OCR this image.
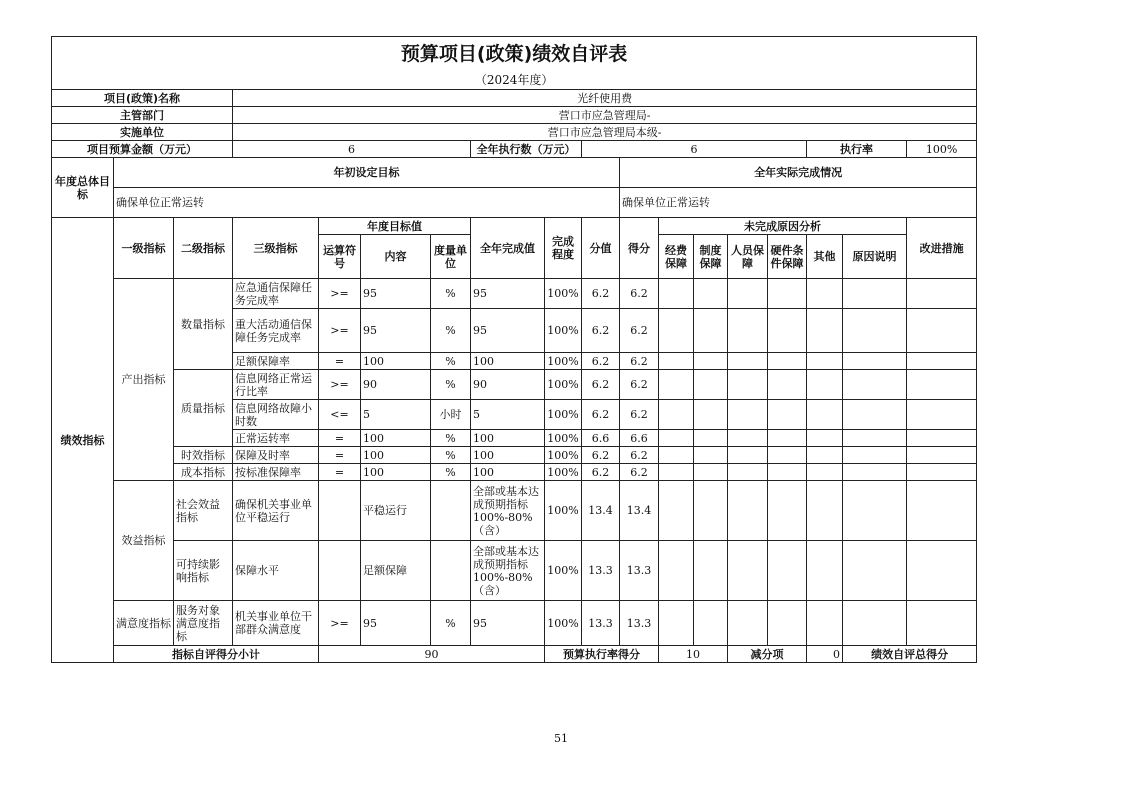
预算项目(政策)绩效自评表																		
（2024年度）																		
项目(政策)名称			光纤使用费															
主管部门			营口市应急管理局-															
实施单位			营口市应急管理局本级-															
项目预算金额（万元）			6				全年执行数（万元）		6						执行率		100%	
年度总体目标	年初设定目标									全年实际完成情况								
	确保单位正常运转									确保单位正常运转								
绩效指标	一级指标	二级指标	三级指标	年度目标值			全年完成值	完成程度	分值	得分	未完成原因分析						改进措施	
				运算符号	内容	度量单位					经费保障	制度保障	人员保障	硬件条件保障	其他	原因说明		
	产出指标	数量指标	应急通信保障任务完成率	>=	95	%	95	100%	6.2	6.2								
			重大活动通信保障任务完成率	>=	95	%	95	100%	6.2	6.2								
			足额保障率	=	100	%	100	100%	6.2	6.2								
		质量指标	信息网络正常运行比率	>=	90	%	90	100%	6.2	6.2								
			信息网络故障小时数	<=	5	小时	5	100%	6.2	6.2								
			正常运转率	=	100	%	100	100%	6.6	6.6								
		时效指标	保障及时率	=	100	%	100	100%	6.2	6.2								
		成本指标	按标准保障率	=	100	%	100	100%	6.2	6.2								
	效益指标	社会效益指标	确保机关事业单位平稳运行		平稳运行		全部或基本达成预期指标100%-80%（含）	100%	13.4	13.4								
		可持续影响指标	保障水平		足额保障		全部或基本达成预期指标100%-80%（含）	100%	13.3	13.3								
	满意度指标	服务对象满意度指标	机关事业单位干部群众满意度	>=	95	%	95	100%	13.3	13.3								
	指标自评得分小计			90				预算执行率得分			10		减分项		0	绩效自评总得分	
51
